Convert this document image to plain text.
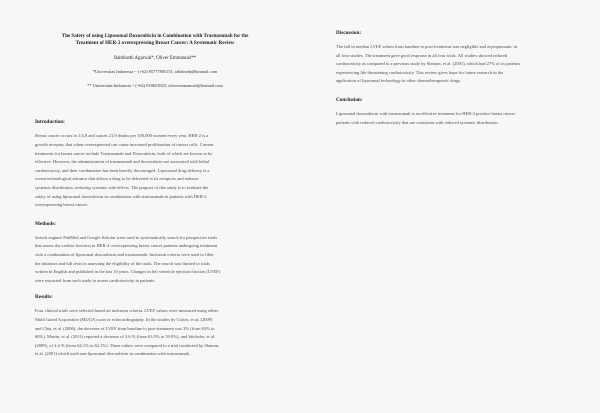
The Safety of using Liposomal Doxorubicin in Combination with Trastuzumab for the
Treatment of HER-2 overexpressing Breast Cancer: A Systematic Review
Rabbiseth Agarwal*, Oliver Emmanuel**
*Universitas Indonesia ~ (+62) 85777805151, rabbiseth@hotmail.com
** Universitas Indonesia ~ (+62) 818653925, oliveremmanuel@hotmail.com
Introduction:

Breast cancer occurs in 1/4.8 and causes 21.9 deaths per 100,000 women every year. HER-2 is a
growth receptor, that when overexpressed can cause increased proliferation of cancer cells. Current
treatments for breast cancer include Trastuzumab and Doxorubicin, both of which are known to be
effective. However, the administration of trastuzumab and doxorubicin are associated with lethal
cardiotoxicity, and their combination has been heavily discouraged. Liposomal drug delivery is a
recent technological advance that allows a drug to be delivered to its receptors and reduces
systemic distribution, reducing systemic side effects. The purpose of this study is to evaluate the
safety of using liposomal doxorubicin in combination with trastuzumab in patients with HER-2
overexpressing breast cancer.

Methods:

Search engines PubMed and Google Scholar were used to systematically search for prospective trials
that assess the cardiac function in HER-2 overexpressing breast cancer patients undergoing treatment
with a combination of liposomal doxorubicin and trastuzumab. Inclusion criteria were used to filter
the abstracts and full texts in assessing the eligibility of the trials. The search was limited to trials
written in English and published in the last 10 years. Changes in left ventricle ejection fraction (LVEF)
were extracted from each study to assess cardiotoxicity in patients.

Results:

Four clinical trials were selected based on inclusion criteria. LVEF values were measured using either
Multi Gated Acquisition (MUGA) scan or echocardiography. In the studies by Cortes, et al. (2009)
and Chia, et al. (2006), the decrease of LVEF from baseline to post-treatment was 3% (from 63% to
60%). Martin, et al. (2011) reported a decrease of 3.6 % (from 63.5% to 59.9%), and Stickeler, et al.
(2009), of 2.4 % (from 64.1% to 62.1%). These values were compared to a trial conducted by Slamon,
et al. (2001) which used non-liposomal doxorubicin in combination with trastuzumab.

Discussion:

The fall in median LVEF values from baseline to post-treatment was negligible and asymptomatic in
all four studies. The treatment gave good response in all four trials. All studies showed reduced
cardiotoxicity as compared to a previous study by Slamon, et al. (2001), which had 27% of its patients
experiencing life threatening cardiotoxicity. This review gives hope for future research in the
application of liposomal technology in other chemotherapeutic drugs.

Conclusion:

Liposomal doxorubicin with trastuzumab is an effective treatment for HER-2 positive breast cancer
patients with reduced cardiotoxicity that are consistent with reduced systemic distribution.
